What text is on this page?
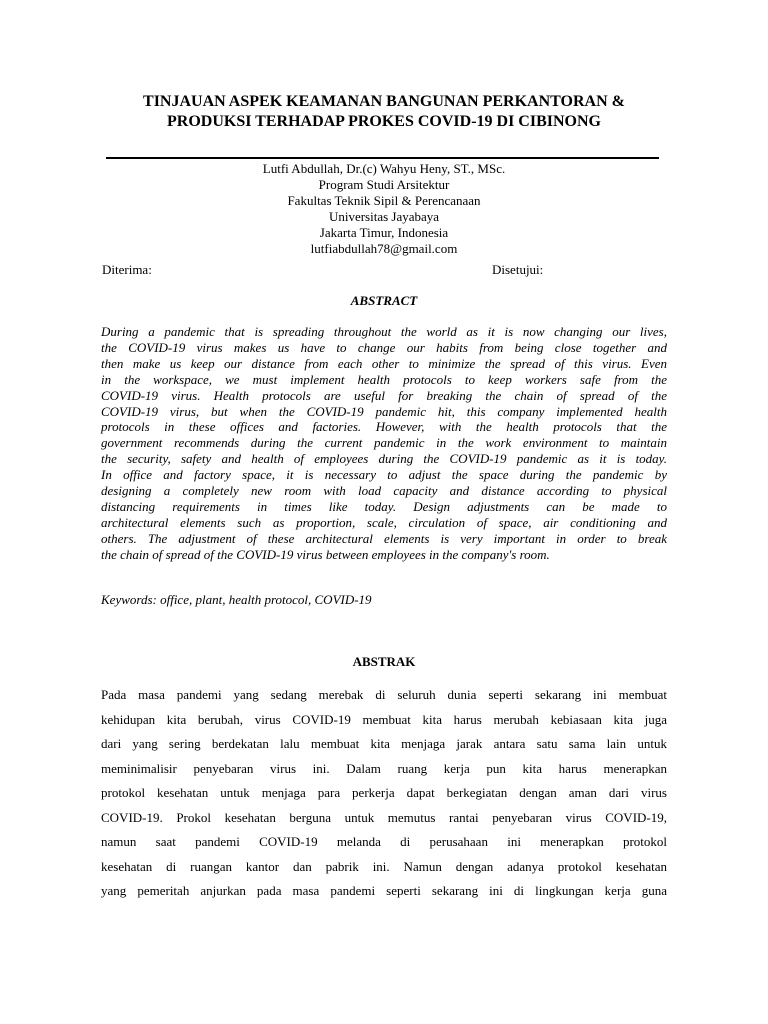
TINJAUAN ASPEK KEAMANAN BANGUNAN PERKANTORAN &
PRODUKSI TERHADAP PROKES COVID-19 DI CIBINONG
Lutfi Abdullah, Dr.(c) Wahyu Heny, ST., MSc.
Program Studi Arsitektur
Fakultas Teknik Sipil & Perencanaan
Universitas Jayabaya
Jakarta Timur, Indonesia
lutfiabdullah78@gmail.com
Diterima:	Disetujui:
ABSTRACT

During a pandemic that is spreading throughout the world as it is now changing our lives,
the COVID-19 virus makes us have to change our habits from being close together and
then make us keep our distance from each other to minimize the spread of this virus. Even
in the workspace, we must implement health protocols to keep workers safe from the
COVID-19 virus. Health protocols are useful for breaking the chain of spread of the
COVID-19 virus, but when the COVID-19 pandemic hit, this company implemented health
protocols in these offices and factories. However, with the health protocols that the
government recommends during the current pandemic in the work environment to maintain
the security, safety and health of employees during the COVID-19 pandemic as it is today.
In office and factory space, it is necessary to adjust the space during the pandemic by
designing a completely new room with load capacity and distance according to physical
distancing requirements in times like today. Design adjustments can be made to
architectural elements such as proportion, scale, circulation of space, air conditioning and
others. The adjustment of these architectural elements is very important in order to break
the chain of spread of the COVID-19 virus between employees in the company's room.

Keywords: office, plant, health protocol, COVID-19
ABSTRAK

Pada masa pandemi yang sedang merebak di seluruh dunia seperti sekarang ini membuat
kehidupan kita berubah, virus COVID-19 membuat kita harus merubah kebiasaan kita juga
dari yang sering berdekatan lalu membuat kita menjaga jarak antara satu sama lain untuk
meminimalisir penyebaran virus ini. Dalam ruang kerja pun kita harus menerapkan
protokol kesehatan untuk menjaga para perkerja dapat berkegiatan dengan aman dari virus
COVID-19. Prokol kesehatan berguna untuk memutus rantai penyebaran virus COVID-19,
namun saat pandemi COVID-19 melanda di perusahaan ini menerapkan protokol
kesehatan di ruangan kantor dan pabrik ini. Namun dengan adanya protokol kesehatan
yang pemeritah anjurkan pada masa pandemi seperti sekarang ini di lingkungan kerja guna
